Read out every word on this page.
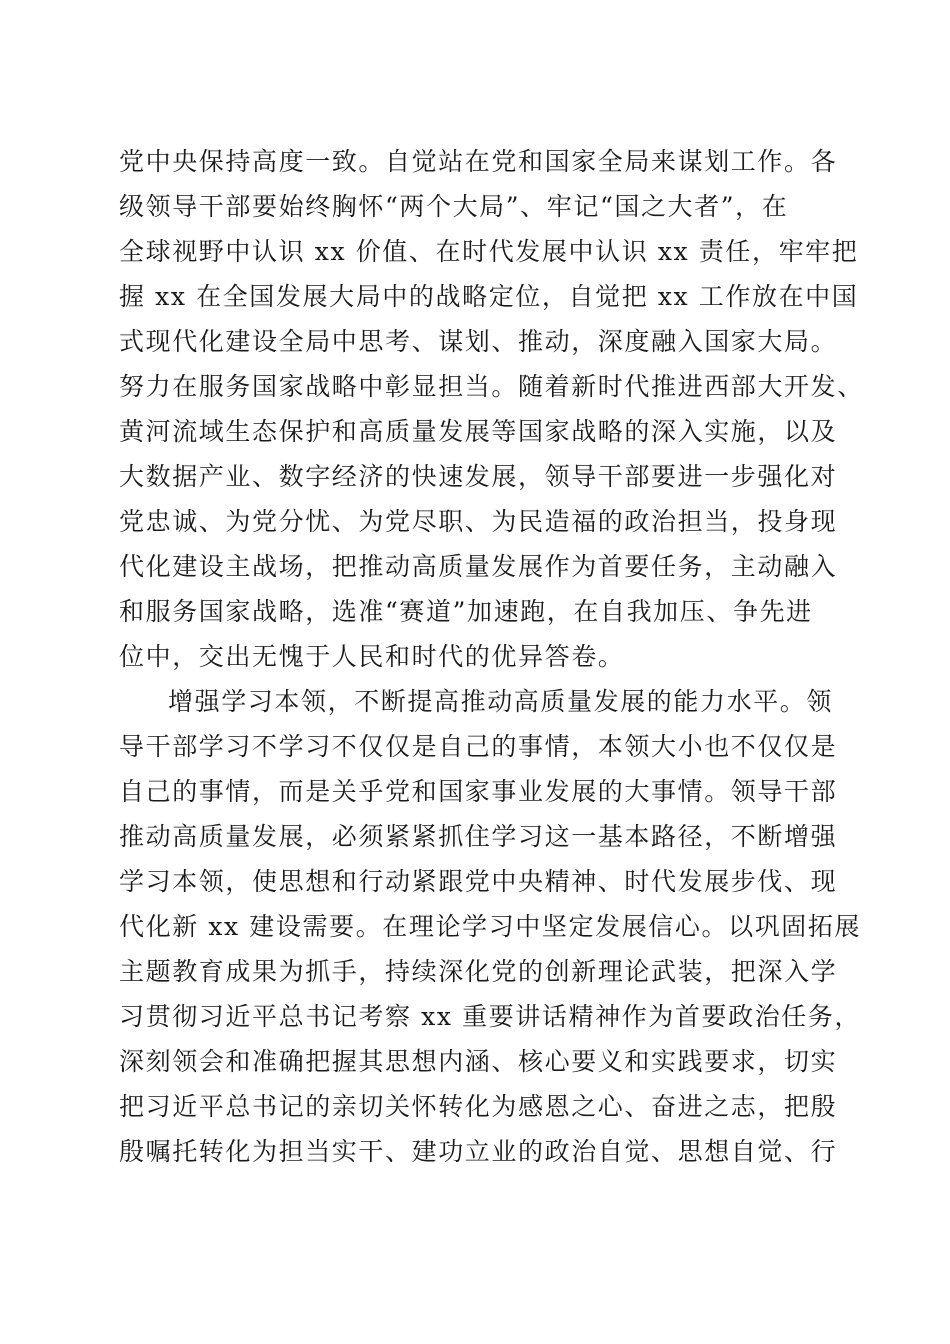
党中央保持高度一致。自觉站在党和国家全局来谋划工作。各
级领导干部要始终胸怀“两个大局”、牢记“国之大者”，在
全球视野中认识 xx 价值、在时代发展中认识 xx 责任，牢牢把
握 xx 在全国发展大局中的战略定位，自觉把 xx 工作放在中国
式现代化建设全局中思考、谋划、推动，深度融入国家大局。
努力在服务国家战略中彰显担当。随着新时代推进西部大开发、
黄河流域生态保护和高质量发展等国家战略的深入实施，以及
大数据产业、数字经济的快速发展，领导干部要进一步强化对
党忠诚、为党分忧、为党尽职、为民造福的政治担当，投身现
代化建设主战场，把推动高质量发展作为首要任务，主动融入
和服务国家战略，选准“赛道”加速跑，在自我加压、争先进
位中，交出无愧于人民和时代的优异答卷。
增强学习本领，不断提高推动高质量发展的能力水平。领
导干部学习不学习不仅仅是自己的事情，本领大小也不仅仅是
自己的事情，而是关乎党和国家事业发展的大事情。领导干部
推动高质量发展，必须紧紧抓住学习这一基本路径，不断增强
学习本领，使思想和行动紧跟党中央精神、时代发展步伐、现
代化新 xx 建设需要。在理论学习中坚定发展信心。以巩固拓展
主题教育成果为抓手，持续深化党的创新理论武装，把深入学
习贯彻习近平总书记考察 xx 重要讲话精神作为首要政治任务，
深刻领会和准确把握其思想内涵、核心要义和实践要求，切实
把习近平总书记的亲切关怀转化为感恩之心、奋进之志，把殷
殷嘱托转化为担当实干、建功立业的政治自觉、思想自觉、行
